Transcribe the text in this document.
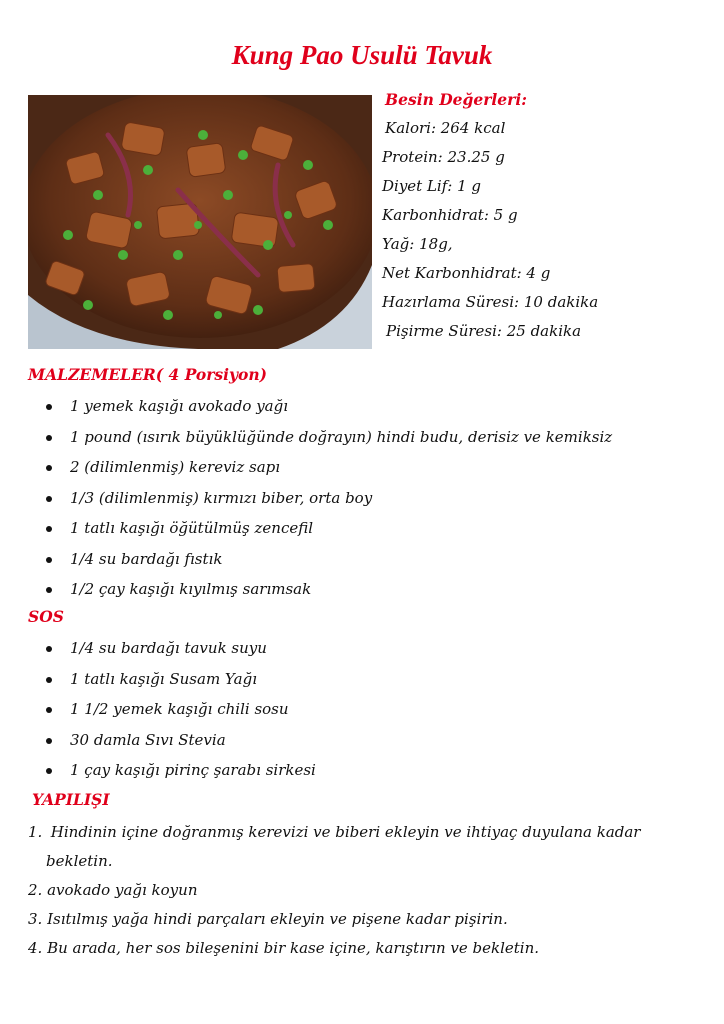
Kung Pao Usulü Tavuk
Besin Değerleri:
Kalori: 264 kcal
Protein: 23.25 g
Diyet Lif: 1 g
Karbonhidrat: 5 g
Yağ: 18g,
Net Karbonhidrat: 4 g
Hazırlama Süresi: 10 dakika
Pişirme Süresi: 25 dakika
MALZEMELER( 4 Porsiyon)
1 yemek kaşığı avokado yağı
1 pound (ısırık büyüklüğünde doğrayın) hindi budu, derisiz ve kemiksiz
2 (dilimlenmiş) kereviz sapı
1/3 (dilimlenmiş) kırmızı biber, orta boy
1 tatlı kaşığı öğütülmüş zencefil
1/4 su bardağı fıstık
1/2 çay kaşığı kıyılmış sarımsak
SOS
1/4 su bardağı tavuk suyu
1 tatlı kaşığı Susam Yağı
1 1/2 yemek kaşığı chili sosu
30 damla Sıvı Stevia
1 çay kaşığı pirinç şarabı sirkesi
YAPILIŞI
1. Hindinin içine doğranmış kerevizi ve biberi ekleyin ve ihtiyaç duyulana kadar
bekletin.
2. avokado yağı koyun
3. Isıtılmış yağa hindi parçaları ekleyin ve pişene kadar pişirin.
4. Bu arada, her sos bileşenini bir kase içine, karıştırın ve bekletin.
